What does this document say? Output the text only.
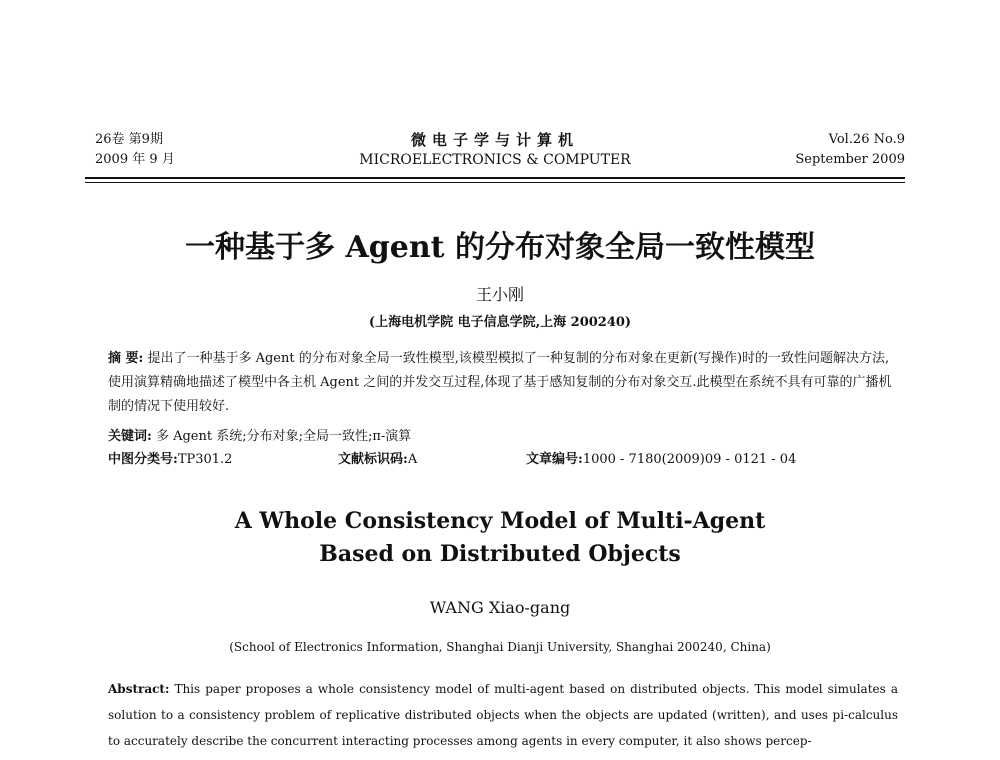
26卷 第9期
2009 年 9 月
微电子学与计算机
MICROELECTRONICS & COMPUTER
Vol.26 No.9
September 2009
一种基于多 Agent 的分布对象全局一致性模型
王小刚
(上海电机学院 电子信息学院,上海 200240)
摘 要: 提出了一种基于多 Agent 的分布对象全局一致性模型,该模型模拟了一种复制的分布对象在更新(写操作)时的一致性问题解决方法,使用演算精确地描述了模型中各主机 Agent 之间的并发交互过程,体现了基于感知复制的分布对象交互.此模型在系统不具有可靠的广播机制的情况下使用较好.
关键词: 多 Agent 系统;分布对象;全局一致性;π-演算
中图分类号:TP301.2	文献标识码:A	文章编号:1000 - 7180(2009)09 - 0121 - 04
A Whole Consistency Model of Multi-Agent
Based on Distributed Objects
WANG Xiao-gang
(School of Electronics Information, Shanghai Dianji University, Shanghai 200240, China)
Abstract: This paper proposes a whole consistency model of multi-agent based on distributed objects. This model simulates a solution to a consistency problem of replicative distributed objects when the objects are updated (written), and uses pi-calculus to accurately describe the concurrent interacting processes among agents in every computer, it also shows percep-
